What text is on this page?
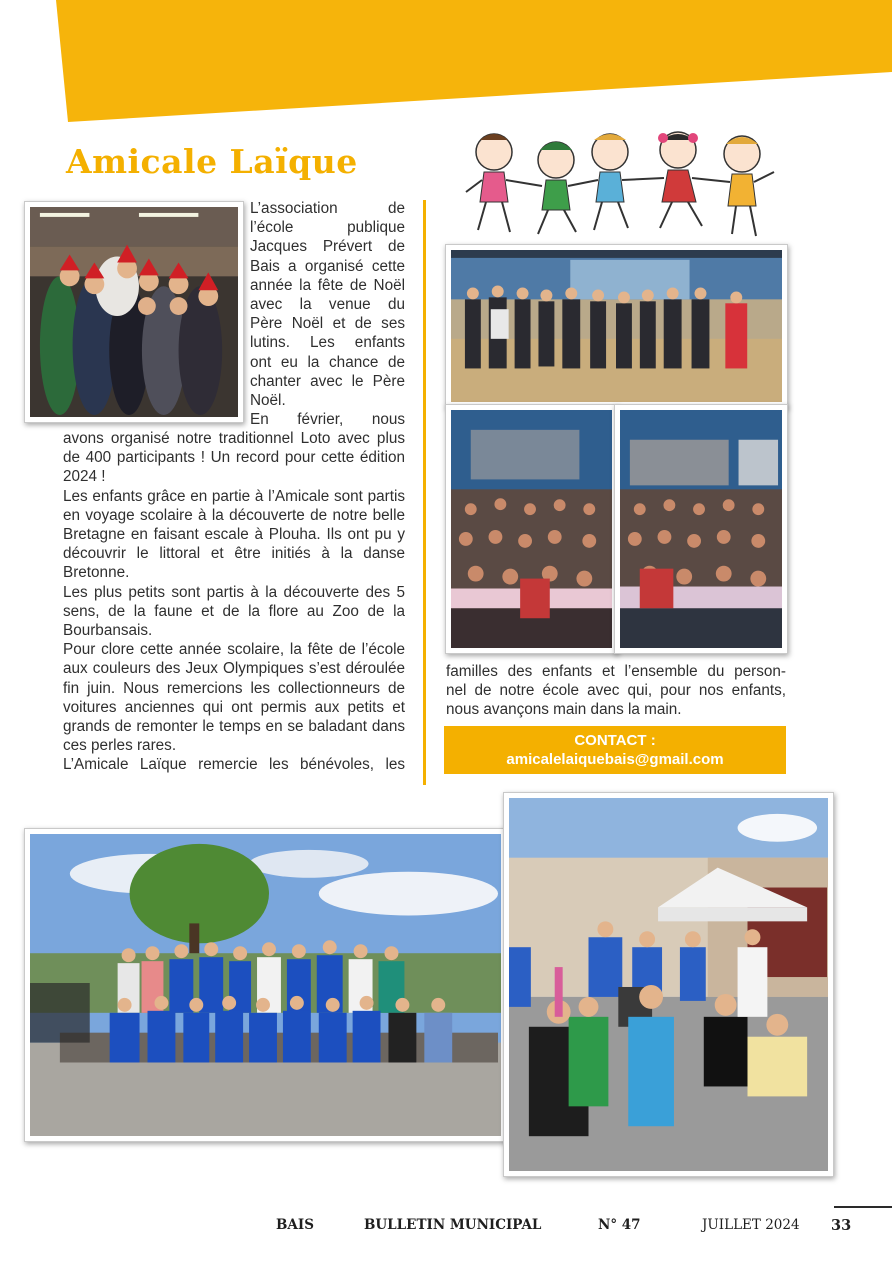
Amicale Laïque

L’association de

l’école publique

Jacques Prévert de

Bais a organisé cette

année la fête de Noël

avec la venue du

Père Noël et de ses

lutins. Les enfants

ont eu la chance de

chanter avec le Père

Noël.

En février, nous

avons organisé notre traditionnel Loto avec plus de 400 participants ! Un record pour cette édition 2024 !

Les enfants grâce en partie à l’Amicale sont partis en voyage scolaire à la découverte de notre belle Bretagne en faisant escale à Plouha. Ils ont pu y découvrir le littoral et être initiés à la danse Bretonne.

Les plus petits sont partis à la découverte des 5 sens, de la faune et de la flore au Zoo de la Bourbansais.

Pour clore cette année scolaire, la fête de l’école aux couleurs des Jeux Olympiques s’est déroulée fin juin. Nous remercions les collectionneurs de voitures anciennes qui ont permis aux petits et grands de remonter le temps en se baladant dans ces perles rares.

L’Amicale Laïque remercie les bénévoles, les

familles des enfants et l’ensemble du person-

nel de notre école avec qui, pour nos enfants,

nous avançons main dans la main.

CONTACT :
amicalelaiquebais@gmail.com
BAIS	BULLETIN MUNICIPAL	N° 47	JUILLET 2024 33
